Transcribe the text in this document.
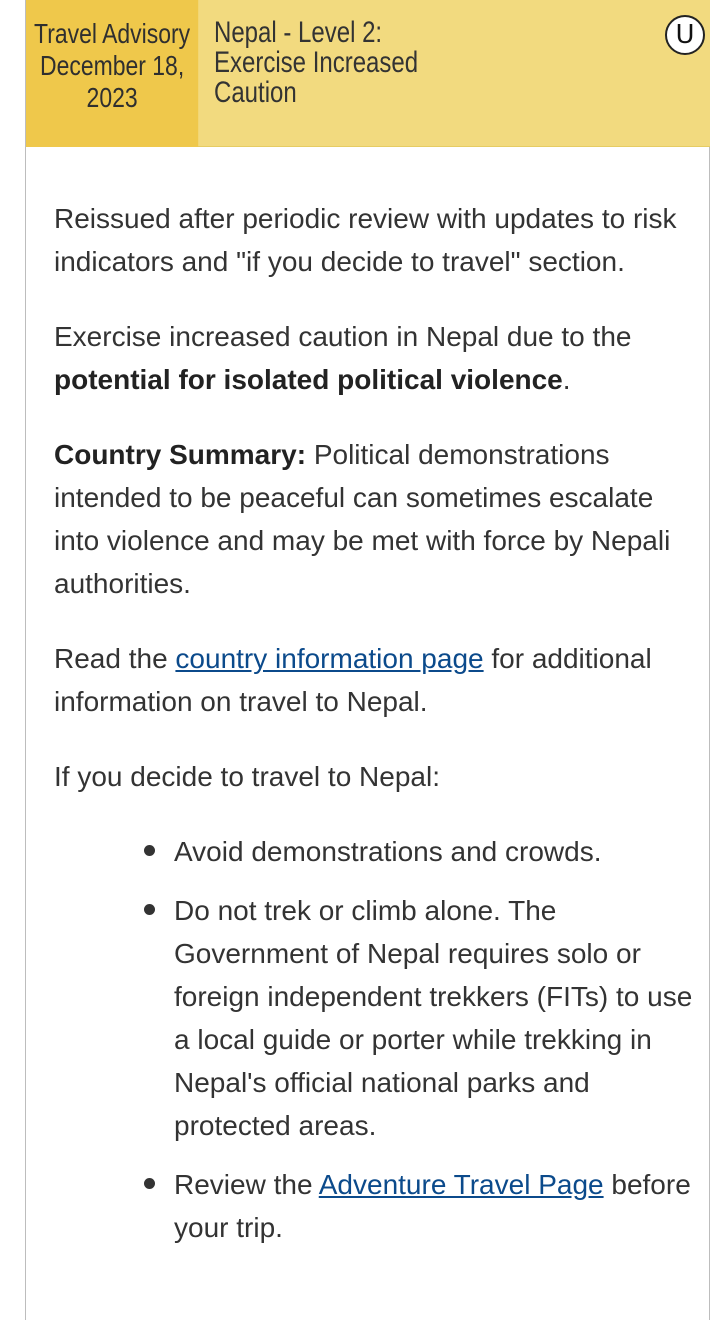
Travel Advisory
December 18,
2023
Nepal - Level 2:
Exercise Increased
Caution
U

Reissued after periodic review with updates to risk indicators and "if you decide to travel" section.

Exercise increased caution in Nepal due to the potential for isolated political violence.

Country Summary: Political demonstrations intended to be peaceful can sometimes escalate into violence and may be met with force by Nepali authorities.

Read the country information page for additional information on travel to Nepal.

If you decide to travel to Nepal:

Avoid demonstrations and crowds.
Do not trek or climb alone. The Government of Nepal requires solo or foreign independent trekkers (FITs) to use a local guide or porter while trekking in Nepal's official national parks and protected areas.
Review the Adventure Travel Page before your trip.
